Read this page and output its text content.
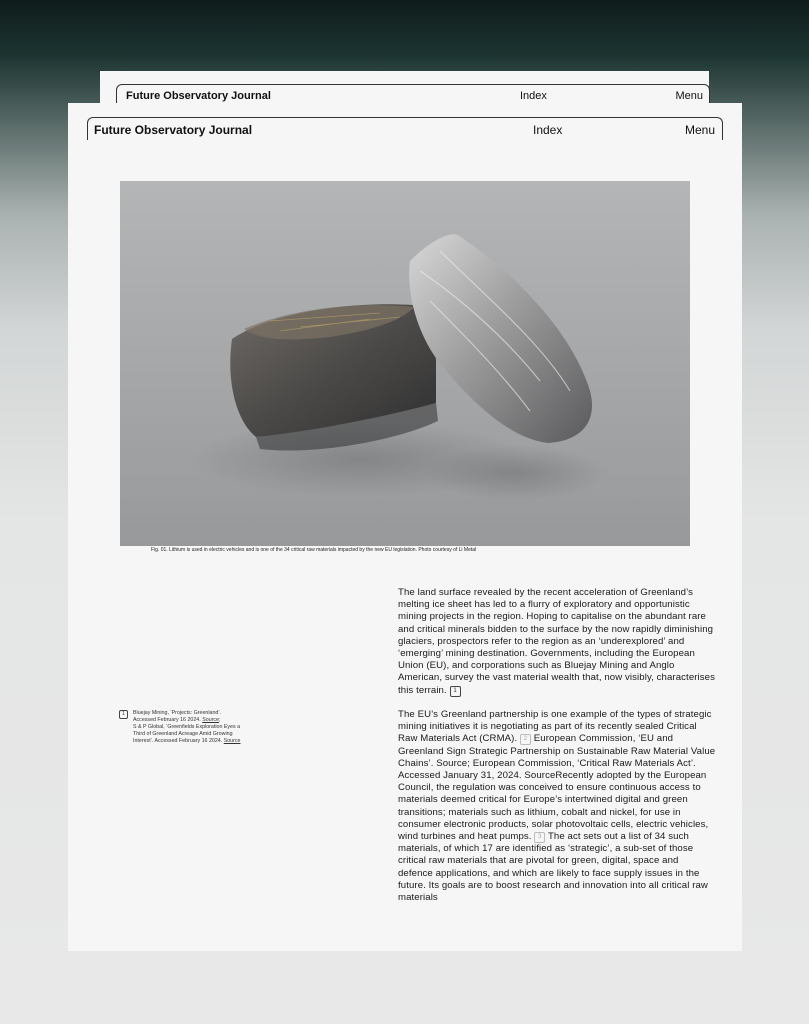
Future Observatory Journal	Index	Menu
Future Observatory Journal	Index	Menu
Fig. 01. Lithium is used in electric vehicles and is one of the 34 critical raw materials impacted by the new EU legislation. Photo courtesy of Li Metal
1	Bluejay Mining, ‘Projects: Greenland’.
Accessed February 16 2024. Source;
S & P Global, ‘Greenfields Exploration Eyes a
Third of Greenland Acreage Amid Growing
Interest’. Accessed February 16 2024. Source

The land surface revealed by the recent acceleration of Greenland’s melting ice sheet has led to a flurry of exploratory and opportunistic mining projects in the region. Hoping to capitalise on the abundant rare and critical minerals bidden to the surface by the now rapidly diminishing glaciers, prospectors refer to the region as an ‘underexplored’ and ‘emerging’ mining destination. Governments, including the European Union (EU), and corporations such as Bluejay Mining and Anglo American, survey the vast material wealth that, now visibly, characterises this terrain. 1

The EU’s Greenland partnership is one example of the types of strategic mining initiatives it is negotiating as part of its recently sealed Critical Raw Materials Act (CRMA). 2 European Commission, ‘EU and Greenland Sign Strategic Partnership on Sustainable Raw Material Value Chains’. Source; European Commission, ‘Critical Raw Materials Act’. Accessed January 31, 2024. SourceRecently adopted by the European Council, the regulation was conceived to ensure continuous access to materials deemed critical for Europe’s intertwined digital and green transitions; materials such as lithium, cobalt and nickel, for use in consumer electronic products, solar photovoltaic cells, electric vehicles, wind turbines and heat pumps. 3 The act sets out a list of 34 such materials, of which 17 are identified as ‘strategic’, a sub-set of those critical raw materials that are pivotal for green, digital, space and defence applications, and which are likely to face supply issues in the future. Its goals are to boost research and innovation into all critical raw materials
